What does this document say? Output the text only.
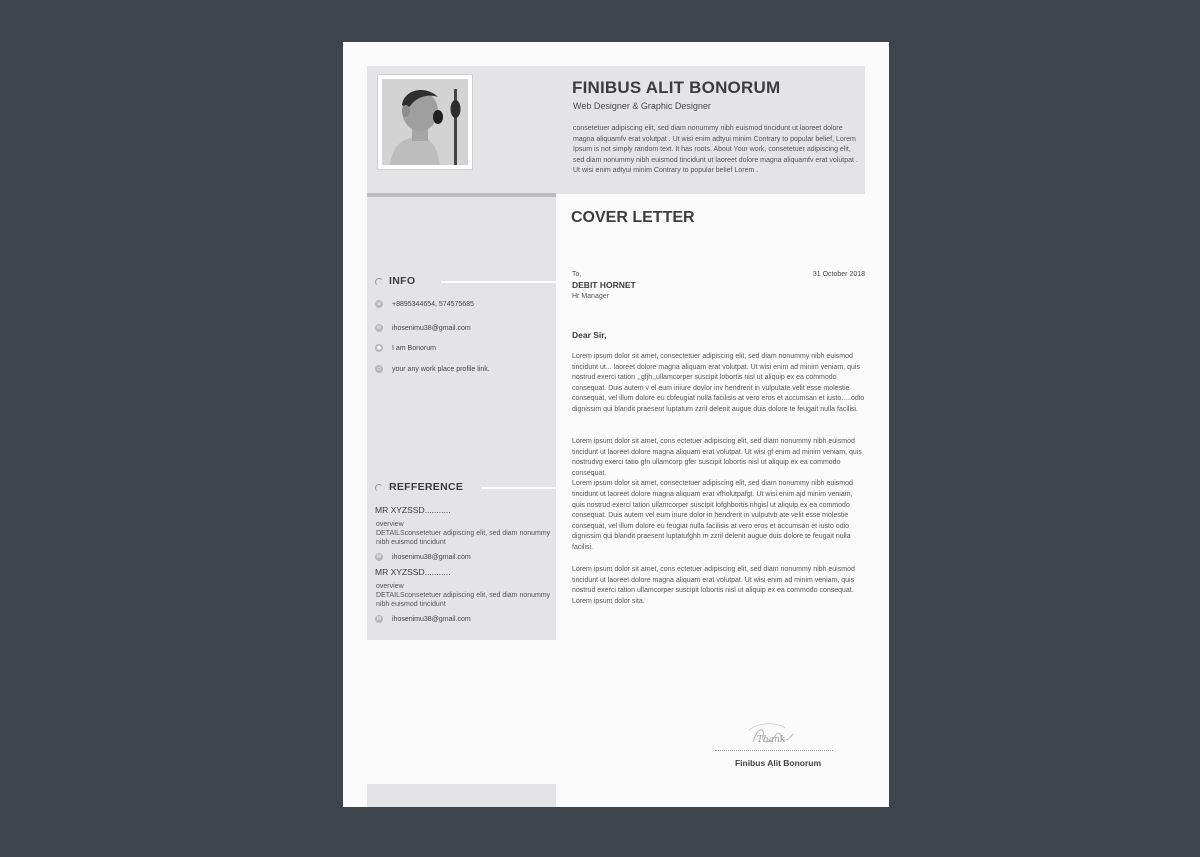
FINIBUS ALIT BONORUM
Web Designer & Graphic Designer
consetetuer adipiscing elit, sed diam nonummy nibh euismod tincidunt ut laoreet dolore magna aliquamfv erat volutpat . Ut wisi enim adtyui minim Contrary to popular belief, Lorem Ipsum is not simply random text. It has roots. About Your work, consetetuer adipiscing elit, sed diam nonummy nibh euismod tincidunt ut laoreet dolore magna aliquamfv erat volutpat . Ut wisi enim adtyui minim Contrary to popular belief Lorem .
INFO
☏ +8895344654, 574575685
✉ ihosenimu38@gmail.com
● I am Bonorum
▭ your any work place profile link.
REFFERENCE
MR XYZSSD...........
overview
DETAILSconsetetuer adipiscing elit, sed diam nonummy nibh euismod tincidunt
✉ ihosenimu38@gmail.com
MR XYZSSD...........
overview
DETAILSconsetetuer adipiscing elit, sed diam nonummy nibh euismod tincidunt
✉ ihosenimu38@gmail.com
COVER LETTER
To,
DEBIT HORNET
Hr Manager
31 October 2018
Dear Sir,
Lorem ipsum dolor sit amet, consectetuer adipiscing elit, sed diam nonummy nibh euismod tincidunt ut... laoreet dolore magna aliquam erat volutpat. Ut wisi enim ad minim veniam, quis nostrud exerci tation ,,gfjh,,ullamcorper suscipit lobortis nisl ut aliquip ex ea commodo consequat. Duis autem v el eum iriiure dovlor inv hendrerit in vulputate velit esse molestie consequat, vel illum dolore eu cbfeugiat nulla facilisis at vero eros et accumsan et iusto.....odio dignissim qui blandit praesent luptatum zzril delenit augue duis dolore te feugait nulla facilisi.
Lorem ipsum dolor sit amet, cons ectetuer adipiscing elit, sed diam nonummy nibh euismod tincidunt ut laoreet dolore magna aliquam erat volutpat. Ut wisi gf enim ad minim veniam, quis nostrudvg exerci tatio gfn ullamcorp gfer suscipit lobortis nisl ut aliquip ex ea commodo consequat.
Lorem ipsum dolor sit amet, consectetuer adipiscing elit, sed diam nonummy nibh euismod tincidunt ut laoreet dolore magna aliquam erat vfholutpafgt. Ut wisi enim ajd minim veniam, quis nostrud exerci tation ullamcorper suscipit lofghbortis nhgisl ut aliquip ex ea commodo consequat. Duis autem vel eum iriure dolor in hendrerit in vulputvb ate velit esse molestie consequat, vel illum dolore eu feugiat nulla facilisis at vero eros et accumsan et iusto odio dignissim qui blandit praesent luptatufghh m zzril delenit augue duis dolore te feugait nulla facilisi.
Lorem ipsum dolor sit amet, cons ectetuer adipiscing elit, sed diam nonummy nibh euismod tincidunt ut laoreet dolore magna aliquam erat volutpat. Ut wisi enim ad minim veniam, quis nostrud exerci tation ullamcorper suscipit lobortis nisl ut aliquip ex ea commodo consequat.
Lorem ipsum dolor sita.
Thank
Finibus Alit Bonorum
